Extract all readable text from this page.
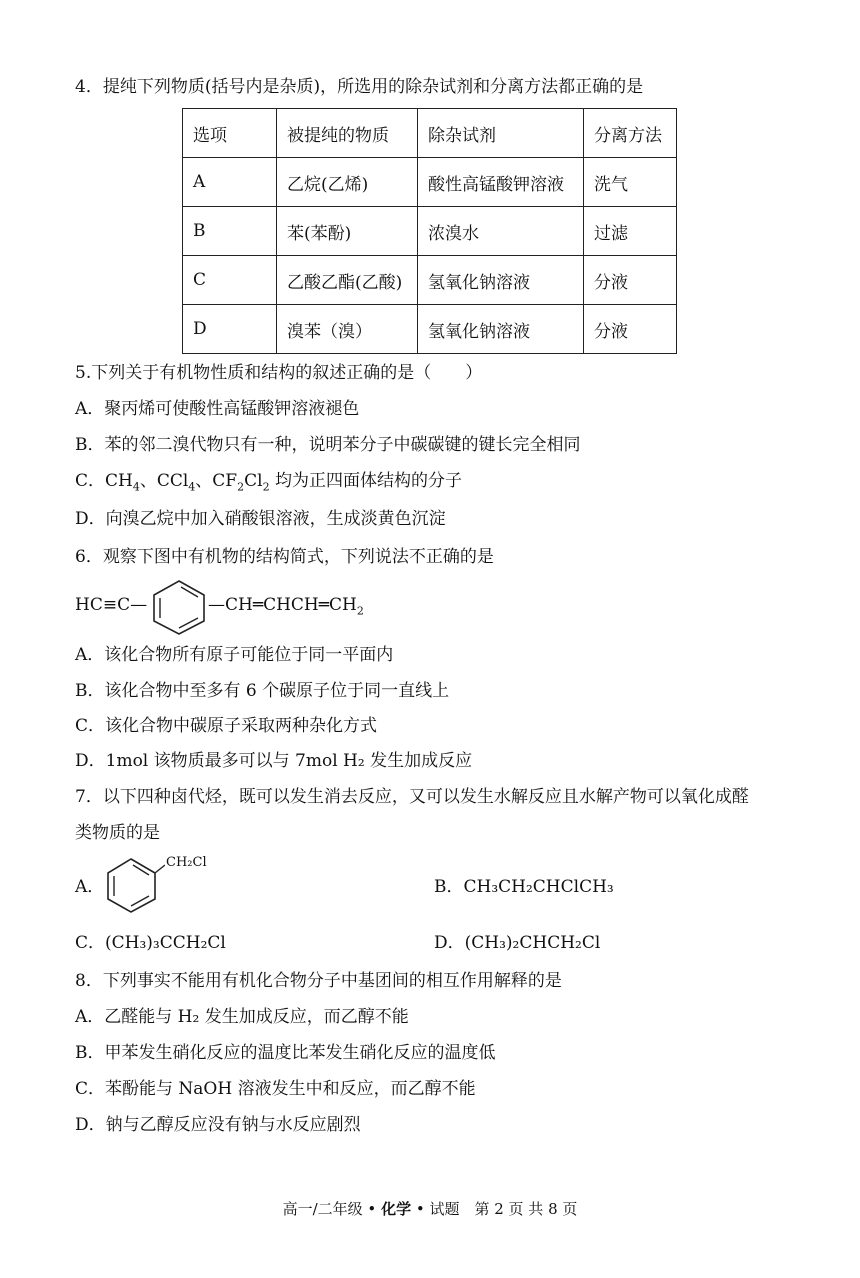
4．提纯下列物质(括号内是杂质)，所选用的除杂试剂和分离方法都正确的是
选项	被提纯的物质	除杂试剂	分离方法
A	乙烷(乙烯)	酸性高锰酸钾溶液	洗气
B	苯(苯酚)	浓溴水	过滤
C	乙酸乙酯(乙酸)	氢氧化钠溶液	分液
D	溴苯（溴）	氢氧化钠溶液	分液
5.下列关于有机物性质和结构的叙述正确的是（　　）
A．聚丙烯可使酸性高锰酸钾溶液褪色
B．苯的邻二溴代物只有一种，说明苯分子中碳碳键的键长完全相同
C．$CH_4$、CCl$_4$、$CF_2Cl_2$ 均为正四面体结构的分子
D．向溴乙烷中加入硝酸银溶液，生成淡黄色沉淀
6．观察下图中有机物的结构简式，下列说法不正确的是
HC≡C—	$—CH═CHCH═CH_2$
A．该化合物所有原子可能位于同一平面内
B．该化合物中至多有 6 个碳原子位于同一直线上
C．该化合物中碳原子采取两种杂化方式
D．1mol 该物质最多可以与 7mol H₂ 发生加成反应
7．以下四种卤代烃，既可以发生消去反应，又可以发生水解反应且水解产物可以氧化成醛
类物质的是
A．
CH₂Cl
B．CH₃CH₂CHClCH₃
C．(CH₃)₃CCH₂Cl	D．(CH₃)₂CHCH₂Cl
8．下列事实不能用有机化合物分子中基团间的相互作用解释的是
A．乙醛能与 H₂ 发生加成反应，而乙醇不能
B．甲苯发生硝化反应的温度比苯发生硝化反应的温度低
C．苯酚能与 NaOH 溶液发生中和反应，而乙醇不能
D．钠与乙醇反应没有钠与水反应剧烈
高一/二年级 • 化学 • 试题　第 2 页 共 8 页
